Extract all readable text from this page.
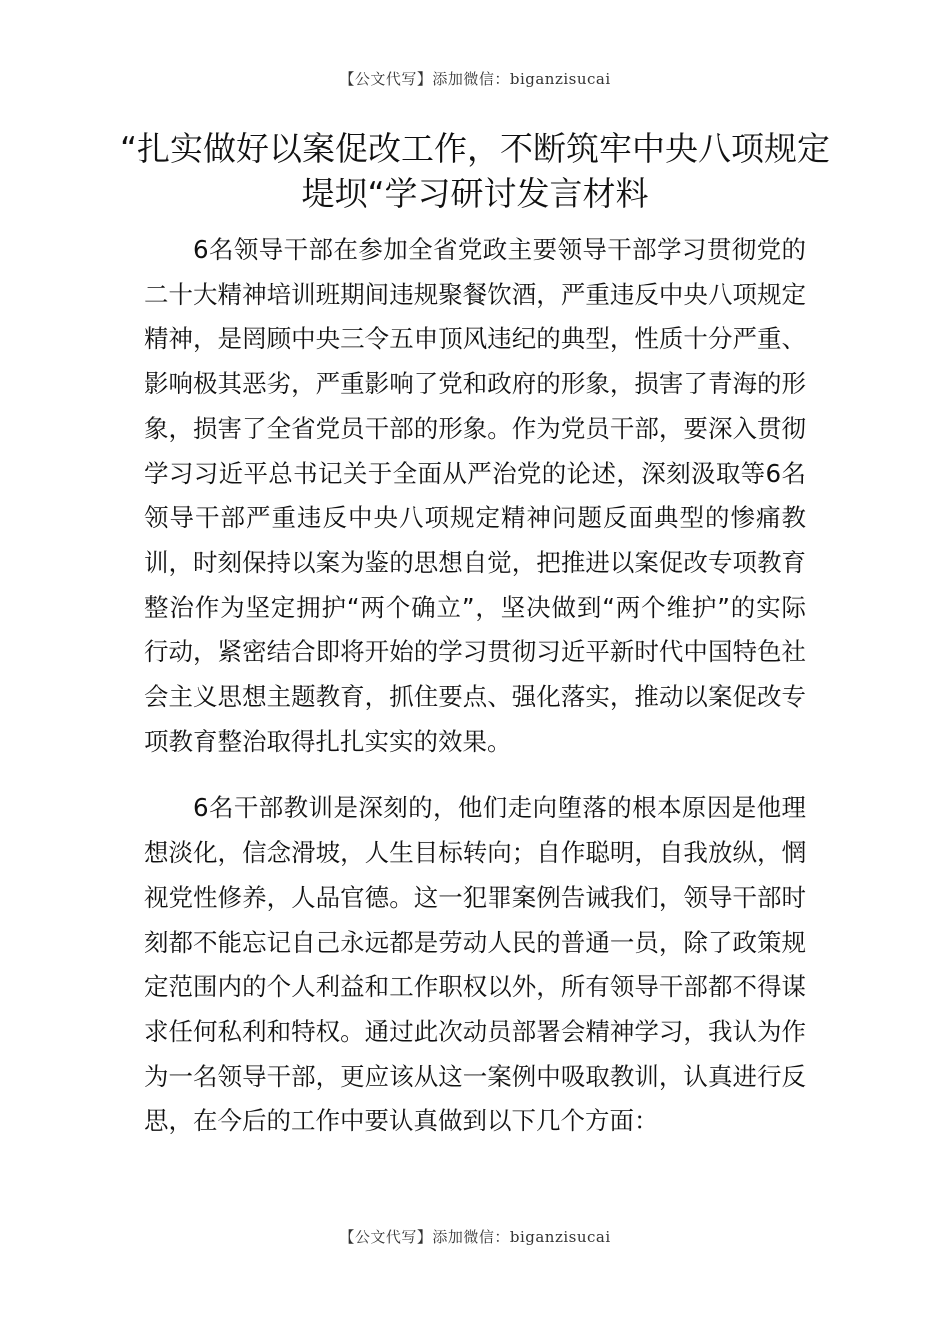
【公文代写】添加微信：biganzisucai
“扎实做好以案促改工作，不断筑牢中央八项规定堤坝“学习研讨发言材料

6名领导干部在参加全省党政主要领导干部学习贯彻党的二十大精神培训班期间违规聚餐饮酒，严重违反中央八项规定精神，是罔顾中央三令五申顶风违纪的典型，性质十分严重、影响极其恶劣，严重影响了党和政府的形象，损害了青海的形象，损害了全省党员干部的形象。作为党员干部，要深入贯彻学习习近平总书记关于全面从严治党的论述，深刻汲取等6名领导干部严重违反中央八项规定精神问题反面典型的惨痛教训，时刻保持以案为鉴的思想自觉，把推进以案促改专项教育整治作为坚定拥护“两个确立”，坚决做到“两个维护”的实际行动，紧密结合即将开始的学习贯彻习近平新时代中国特色社会主义思想主题教育，抓住要点、强化落实，推动以案促改专项教育整治取得扎扎实实的效果。

6名干部教训是深刻的，他们走向堕落的根本原因是他理想淡化，信念滑坡，人生目标转向；自作聪明，自我放纵，惘视党性修养，人品官德。这一犯罪案例告诫我们，领导干部时刻都不能忘记自己永远都是劳动人民的普通一员，除了政策规定范围内的个人利益和工作职权以外，所有领导干部都不得谋求任何私利和特权。通过此次动员部署会精神学习，我认为作为一名领导干部，更应该从这一案例中吸取教训，认真进行反思，在今后的工作中要认真做到以下几个方面：

【公文代写】添加微信：biganzisucai
